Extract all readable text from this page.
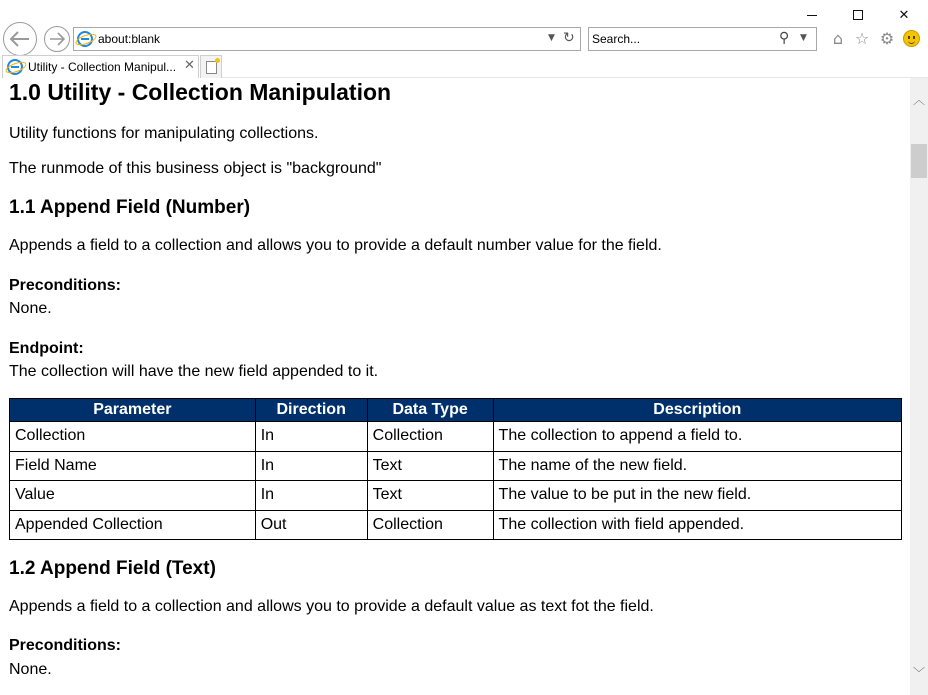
✕
about:blank	▼ ↻
Search...	⚲ ▼	⌂ ☆ ⚙
Utility - Collection Manipul... ✕
1.0 Utility - Collection Manipulation
Utility functions for manipulating collections.
The runmode of this business object is "background"
1.1 Append Field (Number)
Appends a field to a collection and allows you to provide a default number value for the field.
Preconditions:
None.
Endpoint:
The collection will have the new field appended to it.
Parameter	Direction	Data Type	Description
Collection	In	Collection	The collection to append a field to.
Field Name	In	Text	The name of the new field.
Value	In	Text	The value to be put in the new field.
Appended Collection	Out	Collection	The collection with field appended.
1.2 Append Field (Text)
Appends a field to a collection and allows you to provide a default value as text fot the field.
Preconditions:
None.
︿
﹀
